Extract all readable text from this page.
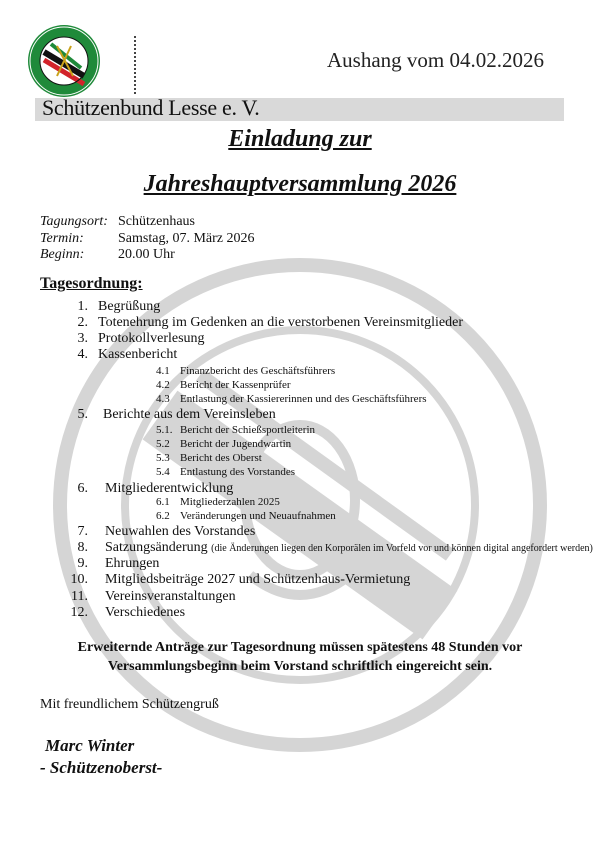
Aushang vom 04.02.2026
Schützenbund Lesse e. V.
Einladung zur
Jahreshauptversammlung 2026
Tagungsort: Schützenhaus
Termin: Samstag, 07. März 2026
Beginn: 20.00 Uhr
Tagesordnung:
1. Begrüßung
2. Totenehrung im Gedenken an die verstorbenen Vereinsmitglieder
3. Protokollverlesung
4. Kassenbericht
4.1 Finanzbericht des Geschäftsführers
4.2 Bericht der Kassenprüfer
4.3 Entlastung der Kassiererinnen und des Geschäftsführers
5. Berichte aus dem Vereinsleben
5.1. Bericht der Schießsportleiterin
5.2 Bericht der Jugendwartin
5.3 Bericht des Oberst
5.4 Entlastung des Vorstandes
6. Mitgliederentwicklung
6.1 Mitgliederzahlen 2025
6.2 Veränderungen und Neuaufnahmen
7. Neuwahlen des Vorstandes
8. Satzungsänderung (die Änderungen liegen den Korporälen im Vorfeld vor und können digital angefordert werden)
9. Ehrungen
10. Mitgliedsbeiträge 2027 und Schützenhaus-Vermietung
11. Vereinsveranstaltungen
12. Verschiedenes
Erweiternde Anträge zur Tagesordnung müssen spätestens 48 Stunden vor
Versammlungsbeginn beim Vorstand schriftlich eingereicht sein.
Mit freundlichem Schützengruß
Marc Winter
- Schützenoberst-
